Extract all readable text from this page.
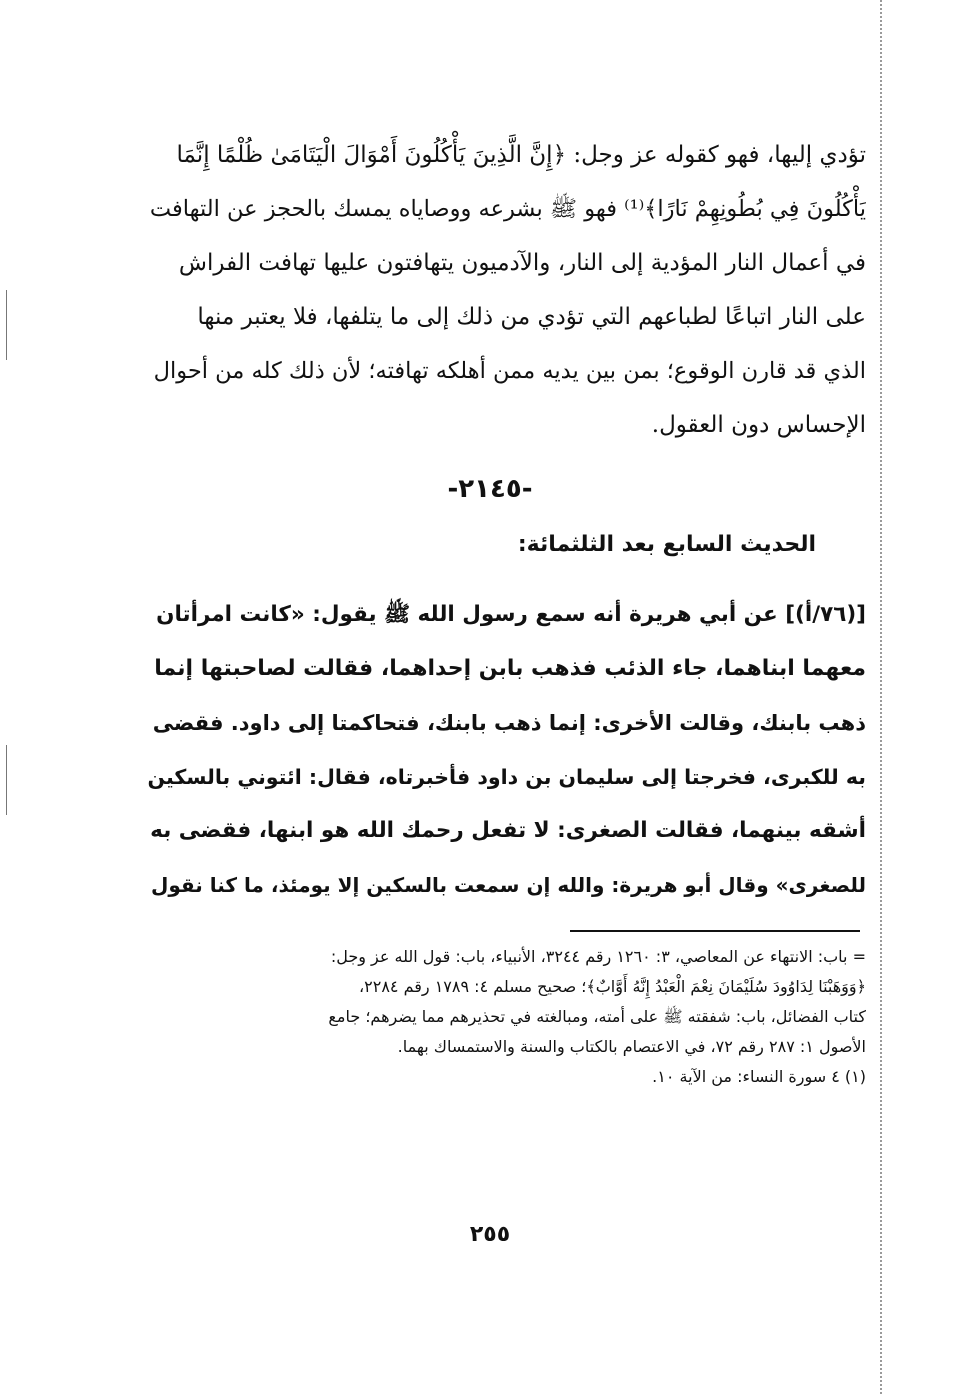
تؤدي إليها، فهو كقوله عز وجل: ﴿إِنَّ الَّذِينَ يَأْكُلُونَ أَمْوَالَ الْيَتَامَىٰ ظُلْمًا إِنَّمَا
يَأْكُلُونَ فِي بُطُونِهِمْ نَارًا﴾⁽¹⁾ فهو ﷺ بشرعه ووصاياه يمسك بالحجز عن التهافت
في أعمال النار المؤدية إلى النار، والآدميون يتهافتون عليها تهافت الفراش
على النار اتباعًا لطباعهم التي تؤدي من ذلك إلى ما يتلفها، فلا يعتبر منها
الذي قد قارن الوقوع؛ بمن بين يديه ممن أهلكه تهافته؛ لأن ذلك كله من أحوال
الإحساس دون العقول.
-٢١٤٥-
الحديث السابع بعد الثلثمائة:
[(٧٦/أ)] عن أبي هريرة أنه سمع رسول الله ﷺ يقول: «كانت امرأتان
معهما ابناهما، جاء الذئب فذهب بابن إحداهما، فقالت لصاحبتها إنما
ذهب بابنك، وقالت الأخرى: إنما ذهب بابنك، فتحاكمتا إلى داود. فقضى
به للكبرى، فخرجتا إلى سليمان بن داود فأخبرتاه، فقال: ائتوني بالسكين
أشقه بينهما، فقالت الصغرى: لا تفعل رحمك الله هو ابنها، فقضى به
للصغرى» وقال أبو هريرة: والله إن سمعت بالسكين إلا يومئذ، ما كنا نقول
= باب: الانتهاء عن المعاصي، ٣: ١٢٦٠ رقم ٣٢٤٤، الأنبياء، باب: قول الله عز وجل:
﴿وَوَهَبْنَا لِدَاوُودَ سُلَيْمَانَ نِعْمَ الْعَبْدُ إِنَّهُ أَوَّابٌ﴾؛ صحيح مسلم ٤: ١٧٨٩ رقم ٢٢٨٤،
كتاب الفضائل، باب: شفقته ﷺ على أمته، ومبالغته في تحذيرهم مما يضرهم؛ جامع
الأصول ١: ٢٨٧ رقم ٧٢، في الاعتصام بالكتاب والسنة والاستمساك بهما.
(١) ٤ سورة النساء: من الآية ١٠.
٢٥٥
